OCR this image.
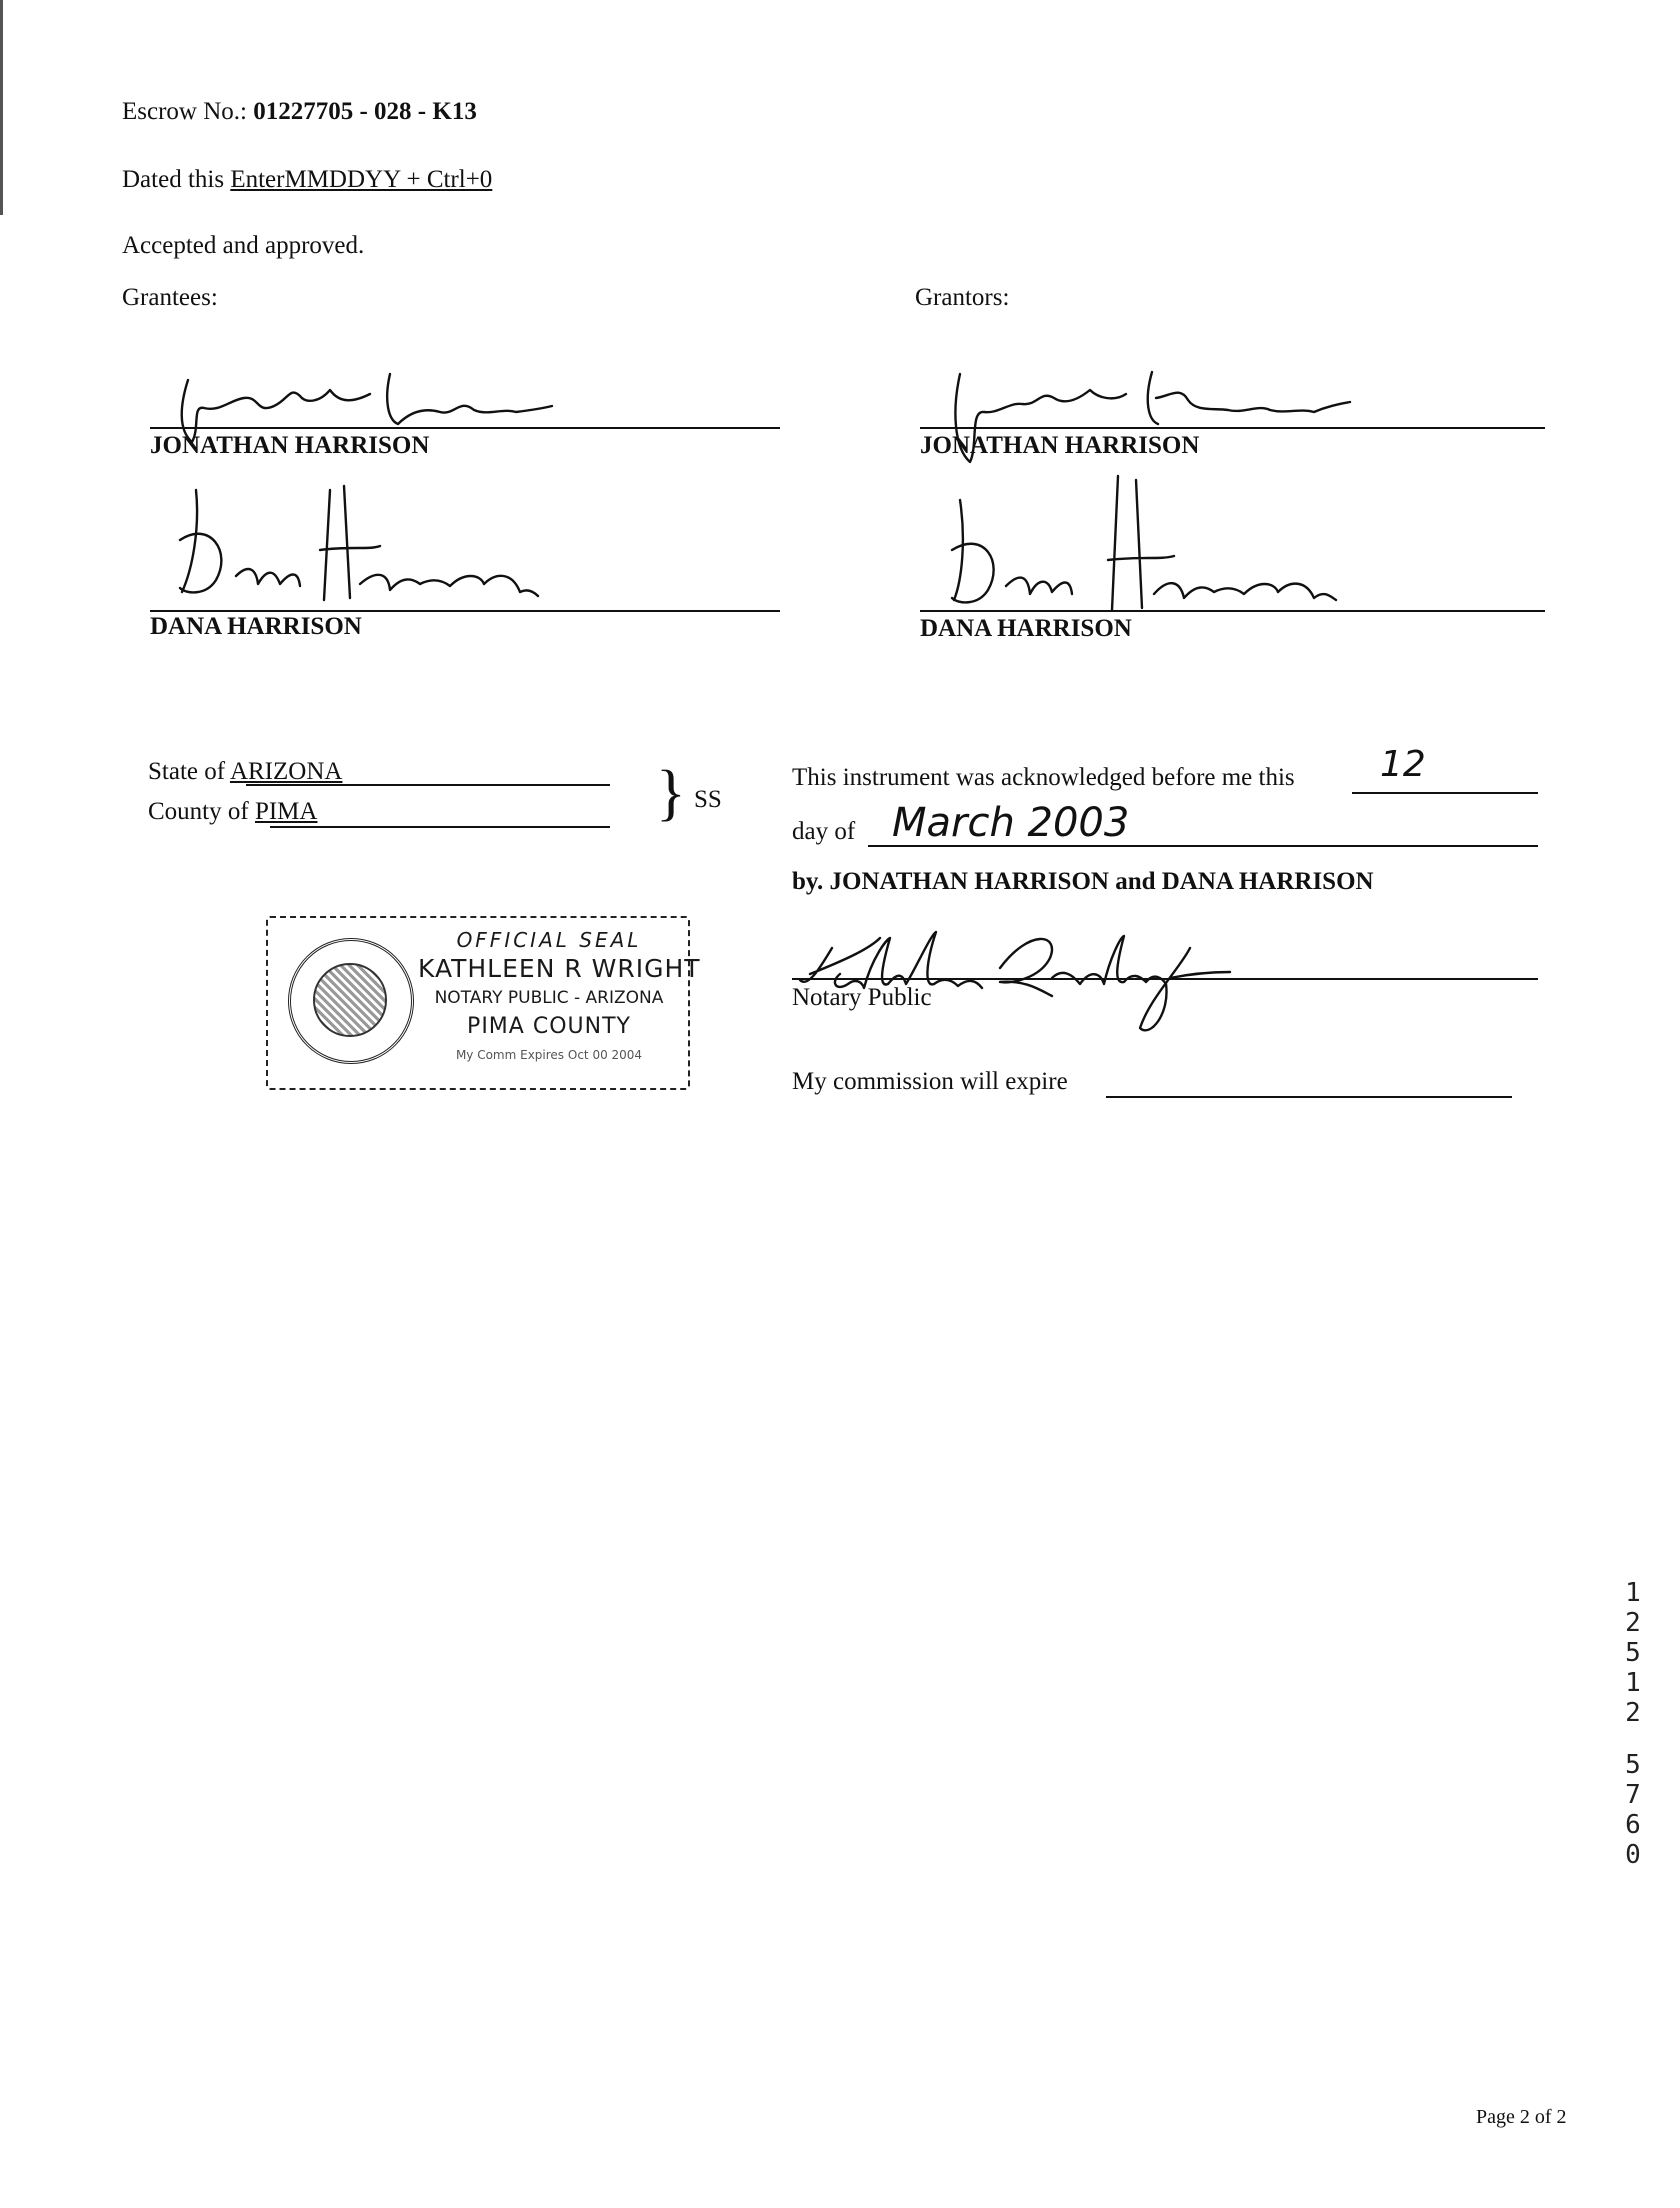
Escrow No.: 01227705 - 028 - K13
Dated this EnterMMDDYY + Ctrl+0
Accepted and approved.
Grantees:	Grantors:
JONATHAN HARRISON
DANA HARRISON
JONATHAN HARRISON
DANA HARRISON
State of ARIZONA
County of PIMA	} SS
This instrument was acknowledged before me this 12
day of March 2003
by. JONATHAN HARRISON and DANA HARRISON
Notary Public
My commission will expire
OFFICIAL SEAL
KATHLEEN R WRIGHT
NOTARY PUBLIC - ARIZONA
PIMA COUNTY
My Comm Expires Oct 00 2004
1
2
5
1
2
5
7
6
0
Page 2 of 2
